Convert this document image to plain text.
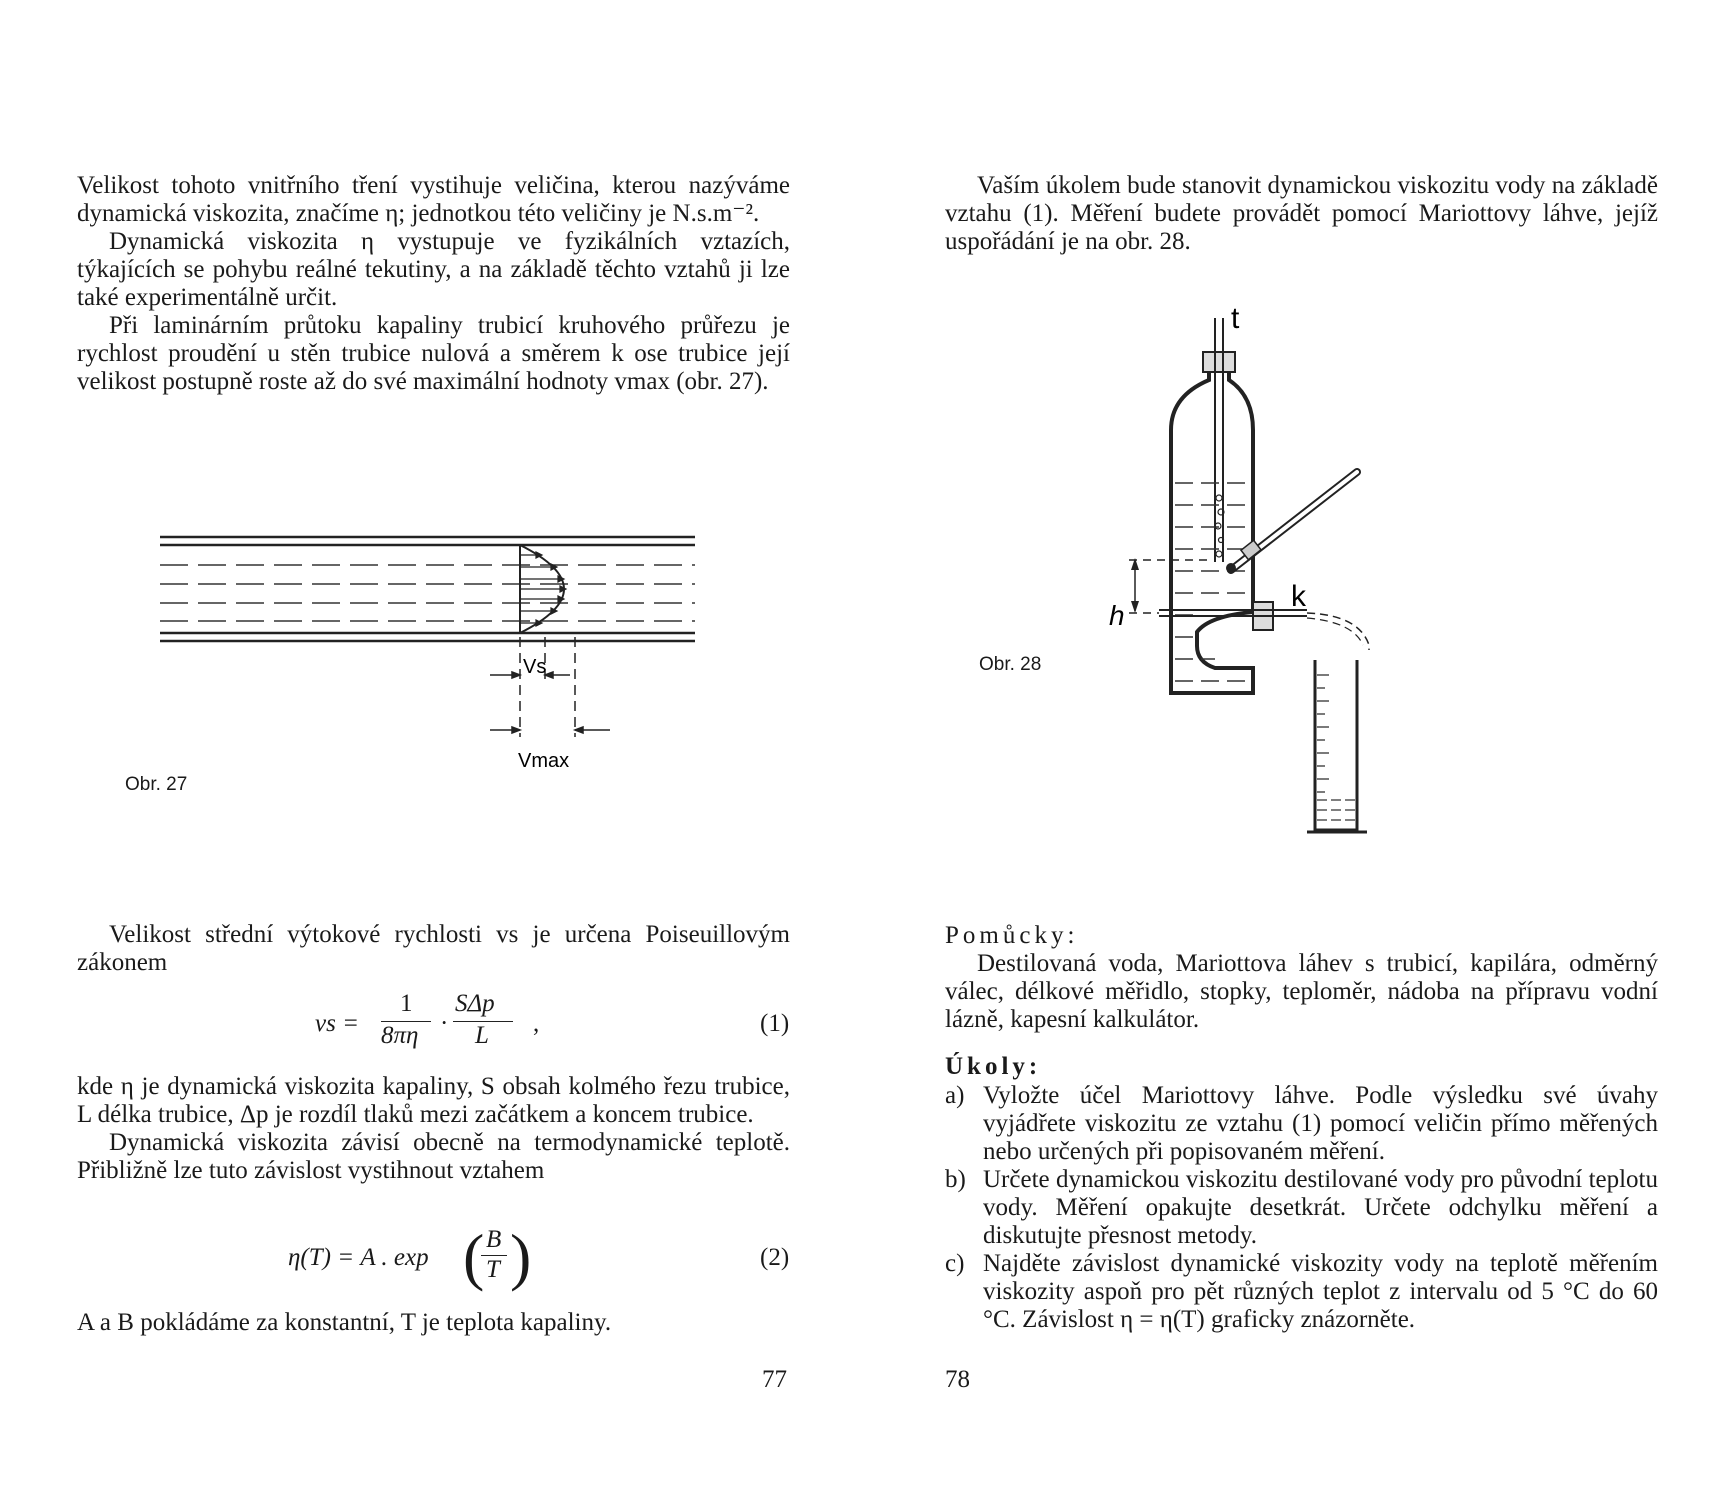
Velikost tohoto vnitřního tření vystihuje veličina, kterou nazýváme dynamická viskozita, značíme η; jednotkou této veličiny je N.s.m⁻².

Dynamická viskozita η vystupuje ve fyzikálních vztazích, týkajících se pohybu reálné tekutiny, a na základě těchto vztahů ji lze také experimentálně určit.

Při laminárním průtoku kapaliny trubicí kruhového průřezu je rychlost proudění u stěn trubice nulová a směrem k ose trubice její velikost postupně roste až do své maximální hodnoty vmax (obr. 27).

Vs
Vmax
Obr. 27

Velikost střední výtokové rychlosti vs je určena Poiseuillovým zákonem

vs =
1
8πη ·
SΔp
L ,	(1)

kde η je dynamická viskozita kapaliny, S obsah kolmého řezu trubice, L délka trubice, Δp je rozdíl tlaků mezi začátkem a koncem trubice.

Dynamická viskozita závisí obecně na termodynamické teplotě. Přibližně lze tuto závislost vystihnout vztahem

η(T) = A . exp ( B
T )	(2)

A a B pokládáme za konstantní, T je teplota kapaliny.

77

Vaším úkolem bude stanovit dynamickou viskozitu vody na základě vztahu (1). Měření budete provádět pomocí Mariottovy láhve, jejíž uspořádání je na obr. 28.

t
k
h
Obr. 28
Pomůcky:

Destilovaná voda, Mariottova láhev s trubicí, kapilára, odměrný válec, délkové měřidlo, stopky, teploměr, nádoba na přípravu vodní lázně, kapesní kalkulátor.

Úkoly:
a) Vyložte účel Mariottovy láhve. Podle výsledku své úvahy vyjádřete viskozitu ze vztahu (1) pomocí veličin přímo měřených nebo určených při popisovaném měření.
b) Určete dynamickou viskozitu destilované vody pro původní teplotu vody. Měření opakujte desetkrát. Určete odchylku měření a diskutujte přesnost metody.
c) Najděte závislost dynamické viskozity vody na teplotě měřením viskozity aspoň pro pět různých teplot z intervalu od 5 °C do 60 °C. Závislost η = η(T) graficky znázorněte.
78
